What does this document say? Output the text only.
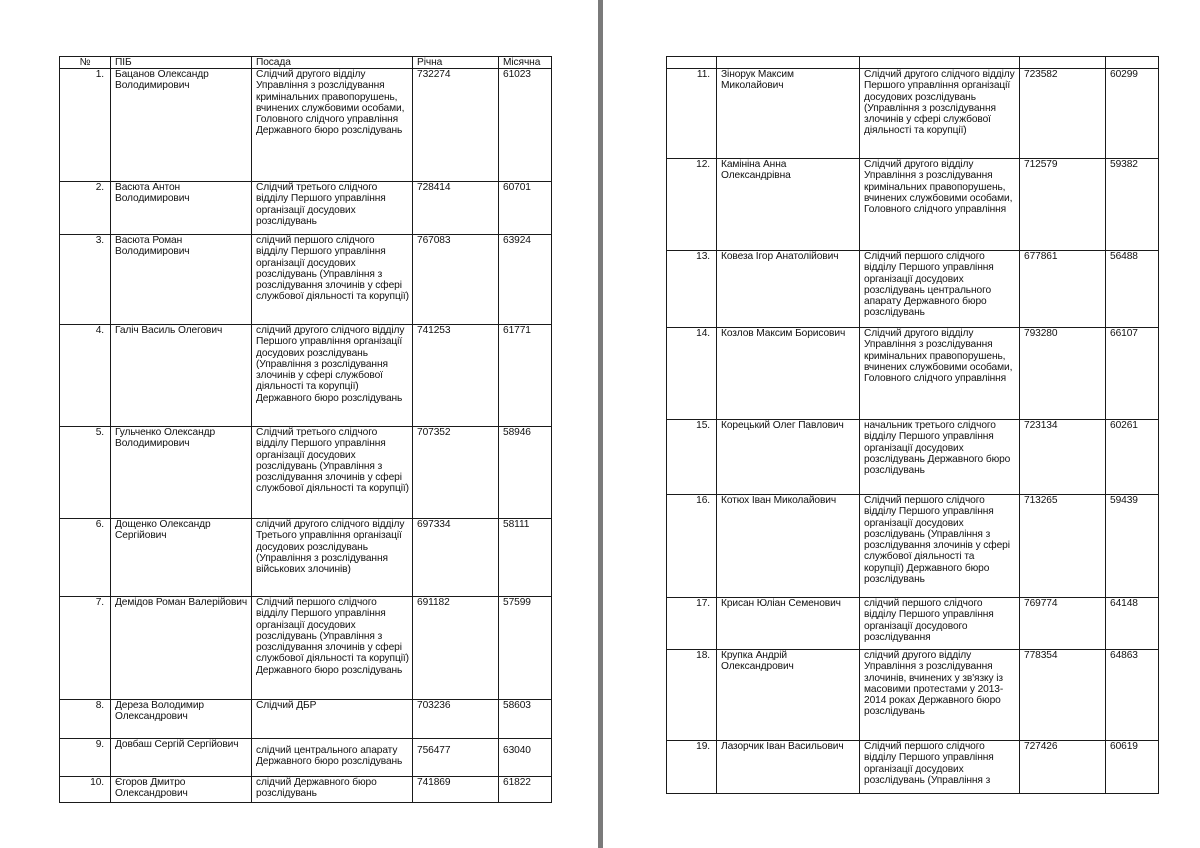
№	ПІБ	Посада	Річна	Місячна
1.	Бацанов Олександр Володимирович	Слідчий другого відділу Управління з розслідування кримінальних правопорушень, вчинених службовими особами, Головного слідчого управління Державного бюро розслідувань	732274	61023
2.	Васюта Антон Володимирович	Слідчий третього слідчого відділу Першого управління організації досудових розслідувань	728414	60701
3.	Васюта Роман Володимирович	слідчий першого слідчого відділу Першого управління організації досудових розслідувань (Управління з розслідування злочинів у сфері службової діяльності та корупції)	767083	63924
4.	Галіч Василь Олегович	слідчий другого слідчого відділу Першого управління організації досудових розслідувань (Управління з розслідування злочинів у сфері службової діяльності та корупції) Державного бюро розслідувань	741253	61771
5.	Гульченко Олександр Володимирович	Слідчий третього слідчого відділу Першого управління організації досудових розслідувань (Управління з розслідування злочинів у сфері службової діяльності та корупції)	707352	58946
6.	Дощенко Олександр Сергійович	слідчий другого слідчого відділу Третього управління організації досудових розслідувань (Управління з розслідування військових злочинів)	697334	58111
7.	Демідов Роман Валерійович	Слідчий першого слідчого відділу Першого управління організації досудових розслідувань (Управління з розслідування злочинів у сфері службової діяльності та корупції) Державного бюро розслідувань	691182	57599
8.	Дереза Володимир Олександрович	Слідчий ДБР	703236	58603
9.	Довбаш Сергій Сергійович	слідчий центрального апарату Державного бюро розслідувань	756477	63040
10.	Єгоров Дмитро Олександрович	слідчий Державного бюро розслідувань	741869	61822

11.	Зінорук Максим Миколайович	Слідчий другого слідчого відділу Першого управління організації досудових розслідувань (Управління з розслідування злочинів у сфері службової діяльності та корупції)	723582	60299
12.	Камініна Анна Олександрівна	Слідчий другого відділу Управління з розслідування кримінальних правопорушень, вчинених службовими особами, Головного слідчого управління	712579	59382
13.	Ковеза Ігор Анатолійович	Слідчий першого слідчого відділу Першого управління організації досудових розслідувань центрального апарату Державного бюро розслідувань	677861	56488
14.	Козлов Максим Борисович	Слідчий другого відділу Управління з розслідування кримінальних правопорушень, вчинених службовими особами, Головного слідчого управління	793280	66107
15.	Корецький Олег Павлович	начальник третього слідчого відділу Першого управління організації досудових розслідувань Державного бюро розслідувань	723134	60261
16.	Котюх Іван Миколайович	Слідчий першого слідчого відділу Першого управління організації досудових розслідувань (Управління з розслідування злочинів у сфері службової діяльності та корупції) Державного бюро розслідувань	713265	59439
17.	Крисан Юліан Семенович	слідчий першого слідчого відділу Першого управління організації досудового розслідування	769774	64148
18.	Крупка Андрій Олександрович	слідчий другого відділу Управління з розслідування злочинів, вчинених у зв'язку із масовими протестами у 2013-2014 роках Державного бюро розслідувань	778354	64863
19.	Лазорчик Іван Васильович	Слідчий першого слідчого відділу Першого управління організації досудових розслідувань (Управління з	727426	60619
